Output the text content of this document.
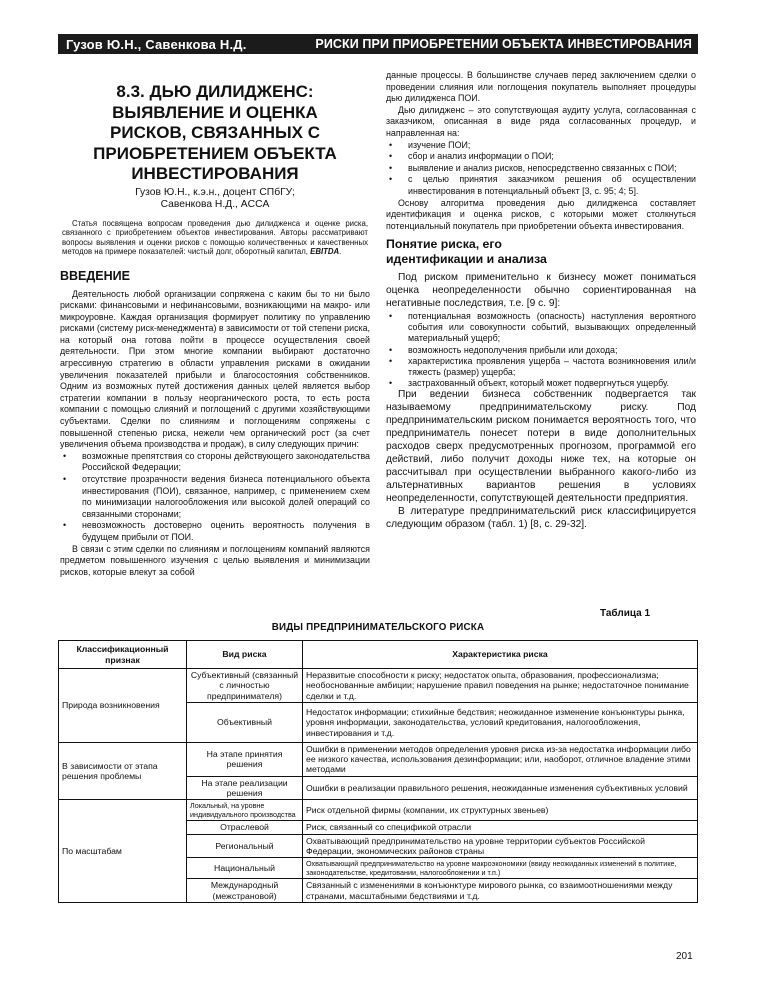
Гузов Ю.Н., Савенкова Н.Д.	РИСКИ ПРИ ПРИОБРЕТЕНИИ ОБЪЕКТА ИНВЕСТИРОВАНИЯ
8.3. ДЬЮ ДИЛИДЖЕНС:
ВЫЯВЛЕНИЕ И ОЦЕНКА
РИСКОВ, СВЯЗАННЫХ С
ПРИОБРЕТЕНИЕМ ОБЪЕКТА
ИНВЕСТИРОВАНИЯ
Гузов Ю.Н., к.э.н., доцент СПбГУ;
Савенкова Н.Д., ACCA

Статья посвящена вопросам проведения дью дилидженса и оценке риска, связанного с приобретением объектов инвестирования. Авторы рассматривают вопросы выявления и оценки рисков с помощью количественных и качественных методов на примере показателей: чистый долг, оборотный капитал, EBITDA.

ВВЕДЕНИЕ

Деятельность любой организации сопряжена с каким бы то ни было рисками: финансовыми и нефинансовыми, возникающими на макро- или микроуровне. Каждая организация формирует политику по управлению рисками (систему риск-менеджмента) в зависимости от той степени риска, на который она готова пойти в процессе осуществления своей деятельности. При этом многие компании выбирают достаточно агрессивную стратегию в области управления рисками в ожидании увеличения показателей прибыли и благосостояния собственников. Одним из возможных путей достижения данных целей является выбор стратегии компании в пользу неорганического роста, то есть роста компании с помощью слияний и поглощений с другими хозяйствующими субъектами. Сделки по слияниям и поглощениям сопряжены с повышенной степенью риска, нежели чем органический рост (за счет увеличения объема производства и продаж), в силу следующих причин:

• возможные препятствия со стороны действующего законодательства Российской Федерации;
• отсутствие прозрачности ведения бизнеса потенциального объекта инвестирования (ПОИ), связанное, например, с применением схем по минимизации налогообложения или высокой долей операций со связанными сторонами;
• невозможность достоверно оценить вероятность получения в будущем прибыли от ПОИ.

В связи с этим сделки по слияниям и поглощениям компаний являются предметом повышенного изучения с целью выявления и минимизации рисков, которые влекут за собой

данные процессы. В большинстве случаев перед заключением сделки о проведении слияния или поглощения покупатель выполняет процедуры дью дилидженса ПОИ.

Дью дилидженс – это сопутствующая аудиту услуга, согласованная с заказчиком, описанная в виде ряда согласованных процедур, и направленная на:

• изучение ПОИ;
• сбор и анализ информации о ПОИ;
• выявление и анализ рисков, непосредственно связанных с ПОИ;
• с целью принятия заказчиком решения об осуществлении инвестирования в потенциальный объект [3, с. 95; 4; 5].

Основу алгоритма проведения дью дилидженса составляет идентификация и оценка рисков, с которыми может столкнуться потенциальный покупатель при приобретении объекта инвестирования.

Понятие риска, его
идентификации и анализа

Под риском применительно к бизнесу может пониматься оценка неопределенности обычно сориентированная на негативные последствия, т.е. [9 с. 9]:

• потенциальная возможность (опасность) наступления вероятного события или совокупности событий, вызывающих определенный материальный ущерб;
• возможность недополучения прибыли или дохода;
• характеристика проявления ущерба – частота возникновения или/и тяжесть (размер) ущерба;
• застрахованный объект, который может подвергнуться ущербу.

При ведении бизнеса собственник подвергается так называемому предпринимательскому риску. Под предпринимательским риском понимается вероятность того, что предприниматель понесет потери в виде дополнительных расходов сверх предусмотренных прогнозом, программой его действий, либо получит доходы ниже тех, на которые он рассчитывал при осуществлении выбранного какого-либо из альтернативных вариантов решения в условиях неопределенности, сопутствующей деятельности предприятия.

В литературе предпринимательский риск классифицируется следующим образом (табл. 1) [8, с. 29-32].

Таблица 1
ВИДЫ ПРЕДПРИНИМАТЕЛЬСКОГО РИСКА
Классификационный признак	Вид риска	Характеристика риска
Природа возникновения	Субъективный (связанный с личностью предпринимателя)	Неразвитые способности к риску; недостаток опыта, образования, профессионализма; необоснованные амбиции; нарушение правил поведения на рынке; недостаточное понимание сделки и т.д.
	Объективный	Недостаток информации; стихийные бедствия; неожиданное изменение конъюнктуры рынка, уровня информации, законодательства, условий кредитования, налогообложения, инвестирования и т.д.
В зависимости от этапа решения проблемы	На этапе принятия решения	Ошибки в применении методов определения уровня риска из-за недостатка информации либо ее низкого качества, использования дезинформации; или, наоборот, отличное владение этими методами
	На этапе реализации решения	Ошибки в реализации правильного решения, неожиданные изменения субъективных условий
По масштабам	Локальный, на уровне индивидуального производства	Риск отдельной фирмы (компании, их структурных звеньев)
	Отраслевой	Риск, связанный со спецификой отрасли
	Региональный	Охватывающий предпринимательство на уровне территории субъектов Российской Федерации, экономических районов страны
	Национальный	Охватывающий предпринимательство на уровне макроэкономики (ввиду неожиданных изменений в политике, законодательстве, кредитовании, налогообложении и т.п.)
	Международный (межстрановой)	Связанный с изменениями в конъюнктуре мирового рынка, со взаимоотношениями между странами, масштабными бедствиями и т.д.
201
